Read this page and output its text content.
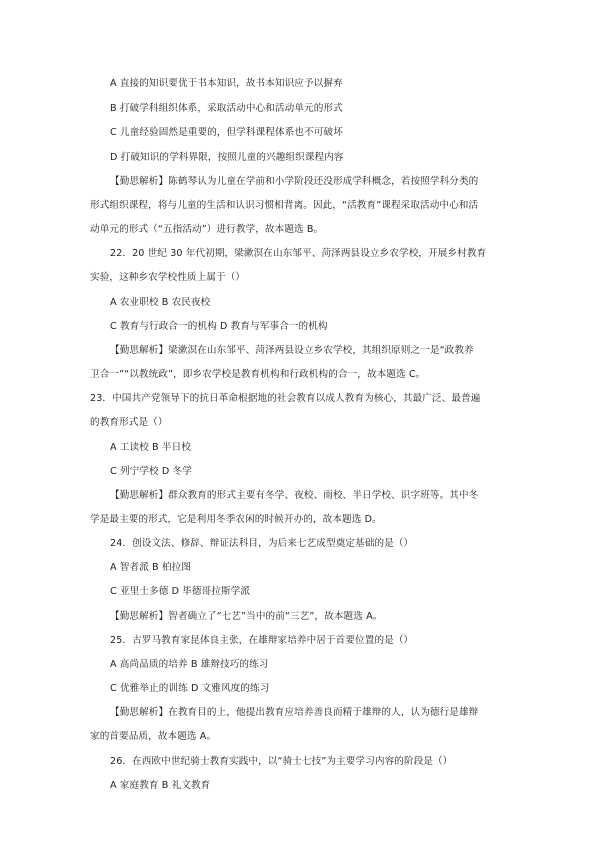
A 直接的知识要优于书本知识，故书本知识应予以摒弃
B 打破学科组织体系，采取活动中心和活动单元的形式
C 儿童经验固然是重要的，但学科课程体系也不可破坏
D 打破知识的学科界限，按照儿童的兴趣组织课程内容
【勤思解析】陈鹤琴认为儿童在学前和小学阶段还没形成学科概念，若按照学科分类的
形式组织课程，将与儿童的生活和认识习惯相背离。因此，“活教育”课程采取活动中心和活
动单元的形式（“五指活动”）进行教学，故本题选 B。
22．20 世纪 30 年代初期，梁漱溟在山东邹平、菏泽两县设立乡农学校，开展乡村教育
实验，这种乡农学校性质上属于（）
A 农业职校 B 农民夜校
C 教育与行政合一的机构 D 教育与军事合一的机构
【勤思解析】梁漱溟在山东邹平、菏泽两县设立乡农学校，其组织原则之一是“政教养
卫合一”“以教统政”，即乡农学校是教育机构和行政机构的合一，故本题选 C。
23．中国共产党领导下的抗日革命根据地的社会教育以成人教育为核心，其最广泛、最普遍
的教育形式是（）
A 工读校 B 半日校
C 列宁学校 D 冬学
【勤思解析】群众教育的形式主要有冬学、夜校、雨校、半日学校、识字班等。其中冬
学是最主要的形式，它是利用冬季农闲的时候开办的，故本题选 D。
24．创设文法、修辞、辩证法科目，为后来七艺成型奠定基础的是（）
A 智者派 B 柏拉图
C 亚里士多德 D 毕德哥拉斯学派
【勤思解析】智者确立了“七艺”当中的前“三艺”，故本题选 A。
25．古罗马教育家昆体良主张，在雄辩家培养中居于首要位置的是（）
A 高尚品质的培养 B 雄辩技巧的练习
C 优雅举止的训练 D 文雅风度的练习
【勤思解析】在教育目的上，他提出教育应培养善良而精于雄辩的人，认为德行是雄辩
家的首要品质，故本题选 A。
26．在西欧中世纪骑士教育实践中，以“骑士七技”为主要学习内容的阶段是（）
A 家庭教育 B 礼文教育
